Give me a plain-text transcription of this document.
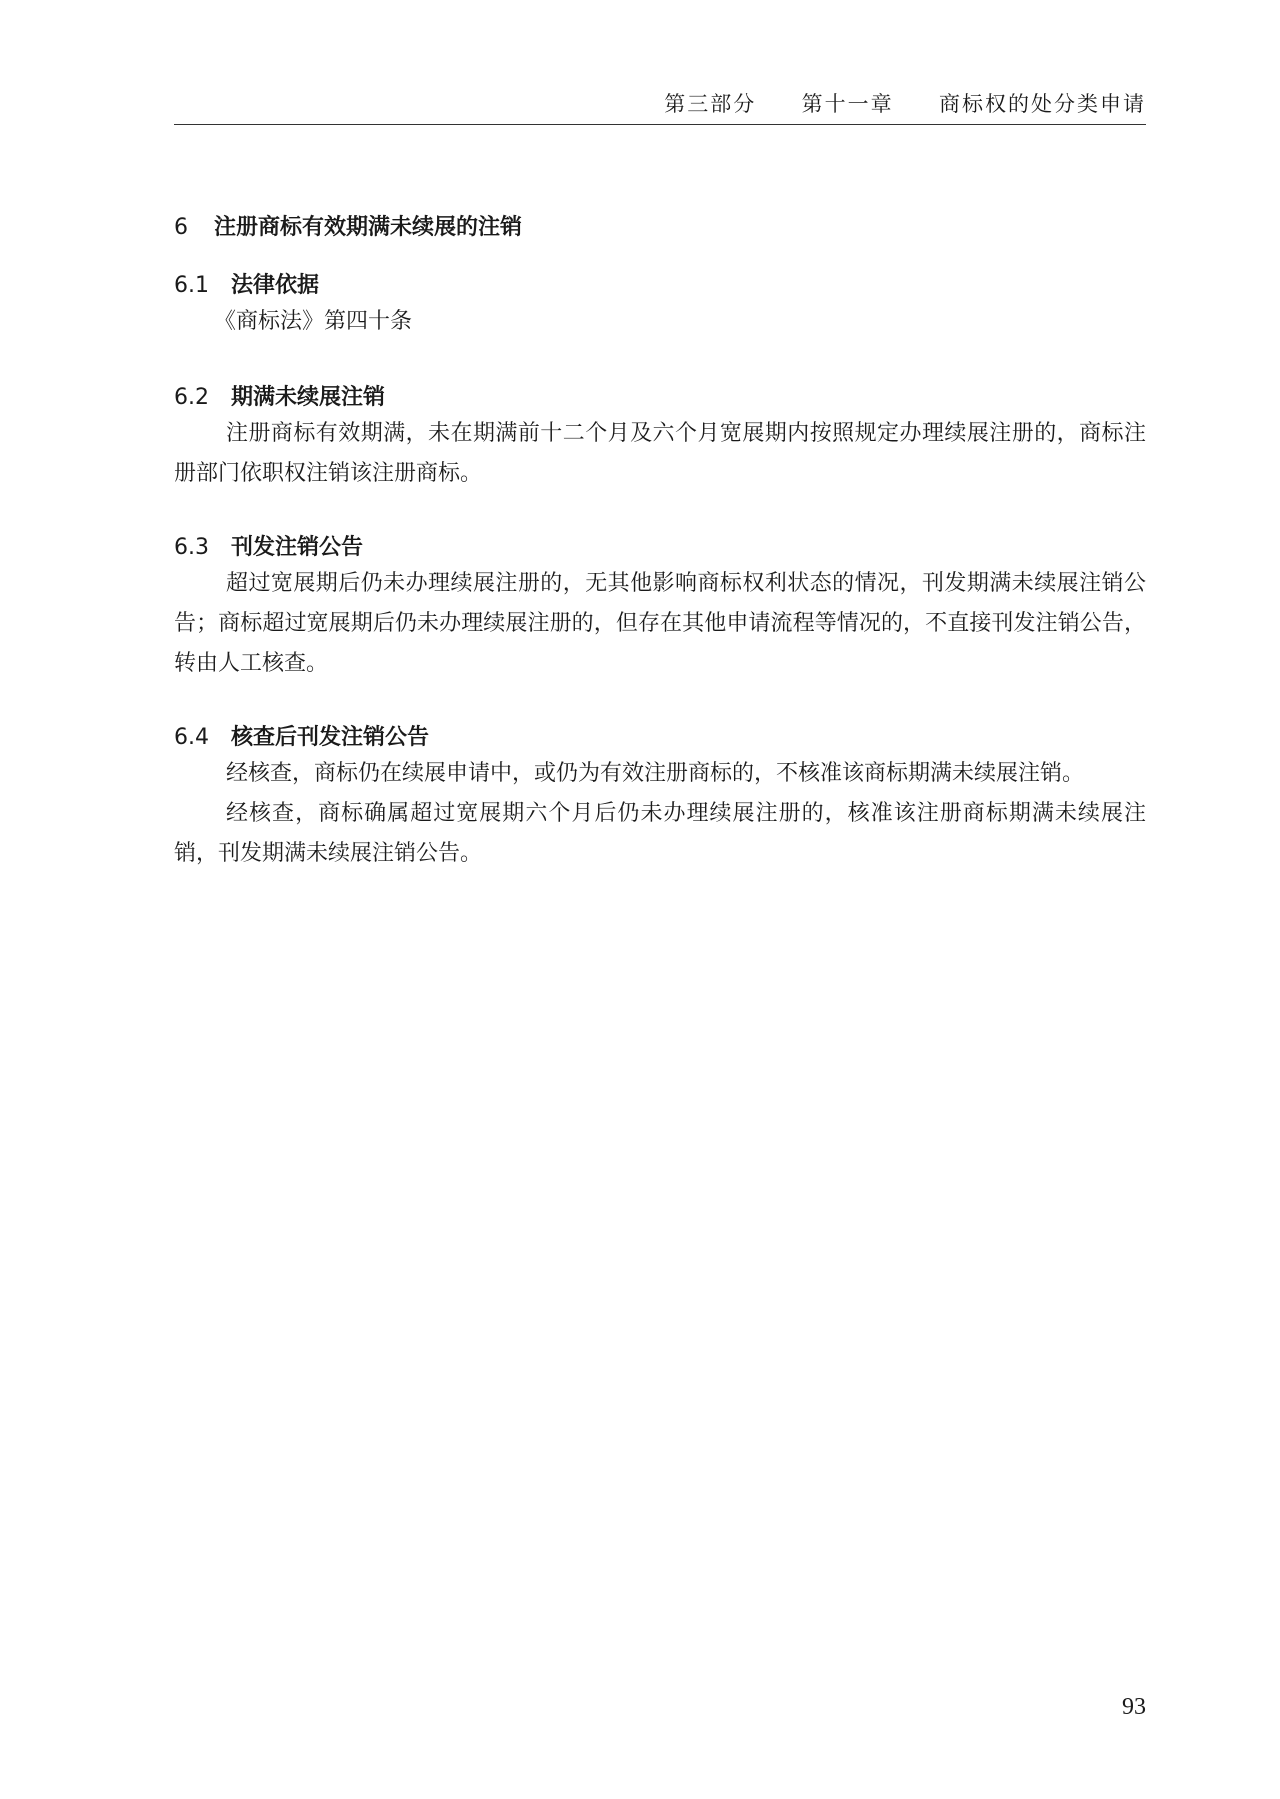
第三部分  第十一章  商标权的处分类申请
6 注册商标有效期满未续展的注销
6.1 法律依据

《商标法》第四十条

6.2 期满未续展注销

注册商标有效期满，未在期满前十二个月及六个月宽展期内按照规定办理续展注册的，商标注册部门依职权注销该注册商标。

6.3 刊发注销公告

超过宽展期后仍未办理续展注册的，无其他影响商标权利状态的情况，刊发期满未续展注销公告；商标超过宽展期后仍未办理续展注册的，但存在其他申请流程等情况的，不直接刊发注销公告，转由人工核查。

6.4 核查后刊发注销公告

经核查，商标仍在续展申请中，或仍为有效注册商标的，不核准该商标期满未续展注销。

经核查，商标确属超过宽展期六个月后仍未办理续展注册的，核准该注册商标期满未续展注销，刊发期满未续展注销公告。

93
